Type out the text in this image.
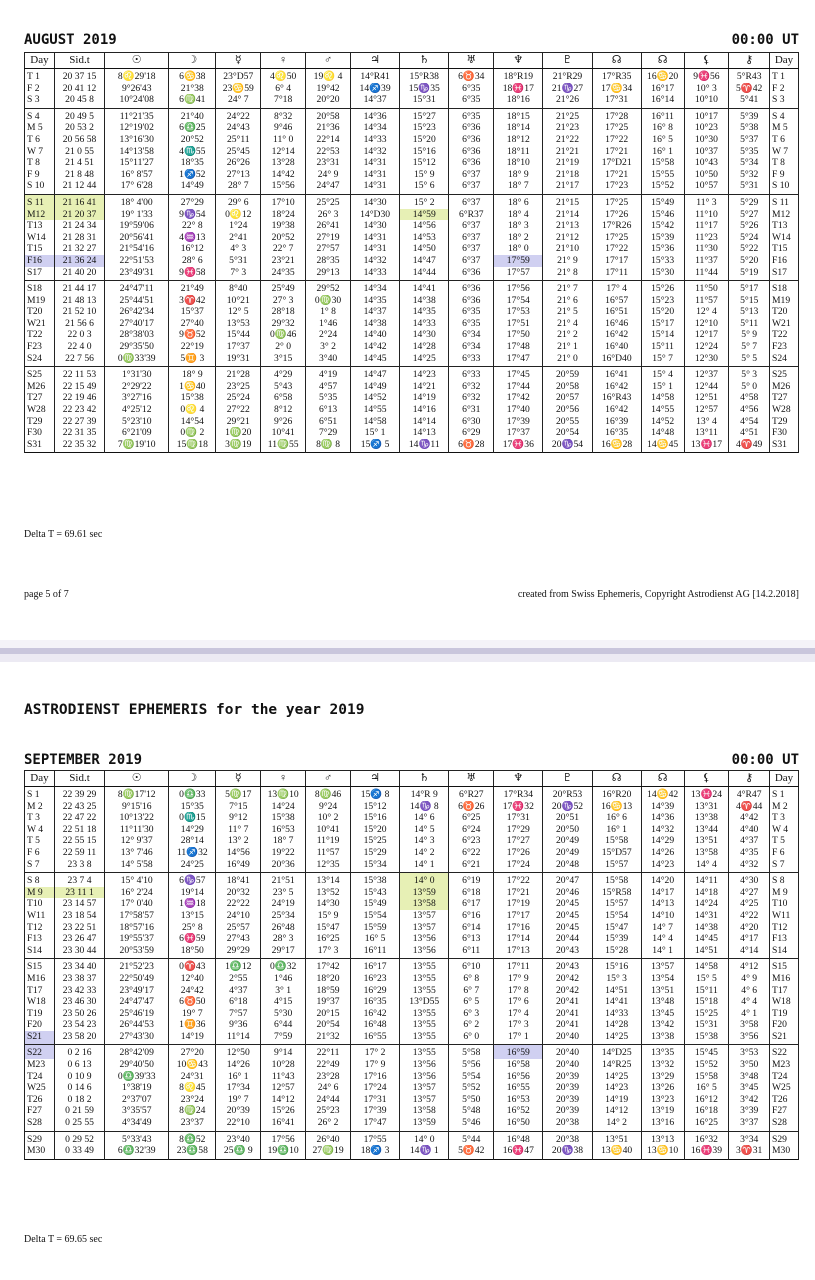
AUGUST 2019	00:00 UT
Day	Sid.t	☉	☽	☿	♀	♂	♃	♄	♅	♆	♇	☊	☊	⚸	⚷	Day
T 1	20 37 15	8♌29'18	6♋38	23°D57	4♌50	19♌ 4	14°R41	15°R38	6♉34	18°R19	21°R29	17°R35	16♋20	9♓56	5°R43	T 1
F 2	20 41 12	9°26'43	21°38	23♋59	6° 4	19°42	14♐39	15♑35	6°35	18♓17	21♑27	17♋34	16°17	10° 3	5♈42	F 2
S 3	20 45 8	10°24'08	6♍41	24° 7	7°18	20°20	14°37	15°31	6°35	18°16	21°26	17°31	16°14	10°10	5°41	S 3
S 4	20 49 5	11°21'35	21°40	24°22	8°32	20°58	14°36	15°27	6°35	18°15	21°25	17°28	16°11	10°17	5°39	S 4
M 5	20 53 2	12°19'02	6♎25	24°43	9°46	21°36	14°34	15°23	6°36	18°14	21°23	17°25	16° 8	10°23	5°38	M 5
T 6	20 56 58	13°16'30	20°52	25°11	11° 0	22°14	14°33	15°20	6°36	18°12	21°22	17°22	16° 5	10°30	5°37	T 6
W 7	21 0 55	14°13'58	4♏55	25°45	12°14	22°53	14°32	15°16	6°36	18°11	21°21	17°21	16° 1	10°37	5°35	W 7
T 8	21 4 51	15°11'27	18°35	26°26	13°28	23°31	14°31	15°12	6°36	18°10	21°19	17°D21	15°58	10°43	5°34	T 8
F 9	21 8 48	16° 8'57	1♐52	27°13	14°42	24° 9	14°31	15° 9	6°37	18° 9	21°18	17°21	15°55	10°50	5°32	F 9
S 10	21 12 44	17° 6'28	14°49	28° 7	15°56	24°47	14°31	15° 6	6°37	18° 7	21°17	17°23	15°52	10°57	5°31	S 10
S 11	21 16 41	18° 4'00	27°29	29° 6	17°10	25°25	14°30	15° 2	6°37	18° 6	21°15	17°25	15°49	11° 3	5°29	S 11
M12	21 20 37	19° 1'33	9♑54	0♌12	18°24	26° 3	14°D30	14°59	6°R37	18° 4	21°14	17°26	15°46	11°10	5°27	M12
T13	21 24 34	19°59'06	22° 8	1°24	19°38	26°41	14°30	14°56	6°37	18° 3	21°13	17°R26	15°42	11°17	5°26	T13
W14	21 28 31	20°56'41	4♒13	2°41	20°52	27°19	14°31	14°53	6°37	18° 2	21°12	17°25	15°39	11°23	5°24	W14
T15	21 32 27	21°54'16	16°12	4° 3	22° 7	27°57	14°31	14°50	6°37	18° 0	21°10	17°22	15°36	11°30	5°22	T15
F16	21 36 24	22°51'53	28° 6	5°31	23°21	28°35	14°32	14°47	6°37	17°59	21° 9	17°17	15°33	11°37	5°20	F16
S17	21 40 20	23°49'31	9♓58	7° 3	24°35	29°13	14°33	14°44	6°36	17°57	21° 8	17°11	15°30	11°44	5°19	S17
S18	21 44 17	24°47'11	21°49	8°40	25°49	29°52	14°34	14°41	6°36	17°56	21° 7	17° 4	15°26	11°50	5°17	S18
M19	21 48 13	25°44'51	3♈42	10°21	27° 3	0♍30	14°35	14°38	6°36	17°54	21° 6	16°57	15°23	11°57	5°15	M19
T20	21 52 10	26°42'34	15°37	12° 5	28°18	1° 8	14°37	14°35	6°35	17°53	21° 5	16°51	15°20	12° 4	5°13	T20
W21	21 56 6	27°40'17	27°40	13°53	29°32	1°46	14°38	14°33	6°35	17°51	21° 4	16°46	15°17	12°10	5°11	W21
T22	22 0 3	28°38'03	9♉52	15°44	0♍46	2°24	14°40	14°30	6°34	17°50	21° 2	16°42	15°14	12°17	5° 9	T22
F23	22 4 0	29°35'50	22°19	17°37	2° 0	3° 2	14°42	14°28	6°34	17°48	21° 1	16°40	15°11	12°24	5° 7	F23
S24	22 7 56	0♍33'39	5♊ 3	19°31	3°15	3°40	14°45	14°25	6°33	17°47	21° 0	16°D40	15° 7	12°30	5° 5	S24
S25	22 11 53	1°31'30	18° 9	21°28	4°29	4°19	14°47	14°23	6°33	17°45	20°59	16°41	15° 4	12°37	5° 3	S25
M26	22 15 49	2°29'22	1♋40	23°25	5°43	4°57	14°49	14°21	6°32	17°44	20°58	16°42	15° 1	12°44	5° 0	M26
T27	22 19 46	3°27'16	15°38	25°24	6°58	5°35	14°52	14°19	6°32	17°42	20°57	16°R43	14°58	12°51	4°58	T27
W28	22 23 42	4°25'12	0♌ 4	27°22	8°12	6°13	14°55	14°16	6°31	17°40	20°56	16°42	14°55	12°57	4°56	W28
T29	22 27 39	5°23'10	14°54	29°21	9°26	6°51	14°58	14°14	6°30	17°39	20°55	16°39	14°52	13° 4	4°54	T29
F30	22 31 35	6°21'09	0♍ 2	1♍20	10°41	7°29	15° 1	14°13	6°29	17°37	20°54	16°35	14°48	13°11	4°51	F30
S31	22 35 32	7♍19'10	15♍18	3♍19	11♍55	8♍ 8	15♐ 5	14♑11	6♉28	17♓36	20♑54	16♋28	14♋45	13♓17	4♈49	S31
Delta T = 69.61 sec
page 5 of 7	created from Swiss Ephemeris, Copyright Astrodienst AG [14.2.2018]
ASTRODIENST EPHEMERIS for the year 2019
SEPTEMBER 2019	00:00 UT
Day	Sid.t	☉	☽	☿	♀	♂	♃	♄	♅	♆	♇	☊	☊	⚸	⚷	Day
S 1	22 39 29	8♍17'12	0♎33	5♍17	13♍10	8♍46	15♐ 8	14°R 9	6°R27	17°R34	20°R53	16°R20	14♋42	13♓24	4°R47	S 1
M 2	22 43 25	9°15'16	15°35	7°15	14°24	9°24	15°12	14♑ 8	6♉26	17♓32	20♑52	16♋13	14°39	13°31	4♈44	M 2
T 3	22 47 22	10°13'22	0♏15	9°12	15°38	10° 2	15°16	14° 6	6°25	17°31	20°51	16° 6	14°36	13°38	4°42	T 3
W 4	22 51 18	11°11'30	14°29	11° 7	16°53	10°41	15°20	14° 5	6°24	17°29	20°50	16° 1	14°32	13°44	4°40	W 4
T 5	22 55 15	12° 9'37	28°14	13° 2	18° 7	11°19	15°25	14° 3	6°23	17°27	20°49	15°58	14°29	13°51	4°37	T 5
F 6	22 59 11	13° 7'46	11♐32	14°56	19°22	11°57	15°29	14° 2	6°22	17°26	20°49	15°D57	14°26	13°58	4°35	F 6
S 7	23 3 8	14° 5'58	24°25	16°49	20°36	12°35	15°34	14° 1	6°21	17°24	20°48	15°57	14°23	14° 4	4°32	S 7
S 8	23 7 4	15° 4'10	6♑57	18°41	21°51	13°14	15°38	14° 0	6°19	17°22	20°47	15°58	14°20	14°11	4°30	S 8
M 9	23 11 1	16° 2'24	19°14	20°32	23° 5	13°52	15°43	13°59	6°18	17°21	20°46	15°R58	14°17	14°18	4°27	M 9
T10	23 14 57	17° 0'40	1♒18	22°22	24°19	14°30	15°49	13°58	6°17	17°19	20°45	15°57	14°13	14°24	4°25	T10
W11	23 18 54	17°58'57	13°15	24°10	25°34	15° 9	15°54	13°57	6°16	17°17	20°45	15°54	14°10	14°31	4°22	W11
T12	23 22 51	18°57'16	25° 8	25°57	26°48	15°47	15°59	13°57	6°14	17°16	20°45	15°47	14° 7	14°38	4°20	T12
F13	23 26 47	19°55'37	6♓59	27°43	28° 3	16°25	16° 5	13°56	6°13	17°14	20°44	15°39	14° 4	14°45	4°17	F13
S14	23 30 44	20°53'59	18°50	29°29	29°17	17° 3	16°11	13°56	6°11	17°13	20°43	15°28	14° 1	14°51	4°14	S14
S15	23 34 40	21°52'23	0♈43	1♎12	0♎32	17°42	16°17	13°55	6°10	17°11	20°43	15°16	13°57	14°58	4°12	S15
M16	23 38 37	22°50'49	12°40	2°55	1°46	18°20	16°23	13°55	6° 8	17° 9	20°42	15° 3	13°54	15° 5	4° 9	M16
T17	23 42 33	23°49'17	24°42	4°37	3° 1	18°59	16°29	13°55	6° 7	17° 8	20°42	14°51	13°51	15°11	4° 6	T17
W18	23 46 30	24°47'47	6♉50	6°18	4°15	19°37	16°35	13°D55	6° 5	17° 6	20°41	14°41	13°48	15°18	4° 4	W18
T19	23 50 26	25°46'19	19° 7	7°57	5°30	20°15	16°42	13°55	6° 3	17° 4	20°41	14°33	13°45	15°25	4° 1	T19
F20	23 54 23	26°44'53	1♊36	9°36	6°44	20°54	16°48	13°55	6° 2	17° 3	20°41	14°28	13°42	15°31	3°58	F20
S21	23 58 20	27°43'30	14°19	11°14	7°59	21°32	16°55	13°55	6° 0	17° 1	20°40	14°25	13°38	15°38	3°56	S21
S22	0 2 16	28°42'09	27°20	12°50	9°14	22°11	17° 2	13°55	5°58	16°59	20°40	14°D25	13°35	15°45	3°53	S22
M23	0 6 13	29°40'50	10♋43	14°26	10°28	22°49	17° 9	13°56	5°56	16°58	20°40	14°R25	13°32	15°52	3°50	M23
T24	0 10 9	0♎39'33	24°31	16° 1	11°43	23°28	17°16	13°56	5°54	16°56	20°39	14°25	13°29	15°58	3°48	T24
W25	0 14 6	1°38'19	8♌45	17°34	12°57	24° 6	17°24	13°57	5°52	16°55	20°39	14°23	13°26	16° 5	3°45	W25
T26	0 18 2	2°37'07	23°24	19° 7	14°12	24°44	17°31	13°57	5°50	16°53	20°39	14°19	13°23	16°12	3°42	T26
F27	0 21 59	3°35'57	8♍24	20°39	15°26	25°23	17°39	13°58	5°48	16°52	20°39	14°12	13°19	16°18	3°39	F27
S28	0 25 55	4°34'49	23°37	22°10	16°41	26° 2	17°47	13°59	5°46	16°50	20°38	14° 2	13°16	16°25	3°37	S28
S29	0 29 52	5°33'43	8♎52	23°40	17°56	26°40	17°55	14° 0	5°44	16°48	20°38	13°51	13°13	16°32	3°34	S29
M30	0 33 49	6♎32'39	23♎58	25♎ 9	19♎10	27♍19	18♐ 3	14♑ 1	5♉42	16♓47	20♑38	13♋40	13♋10	16♓39	3♈31	M30
Delta T = 69.65 sec
